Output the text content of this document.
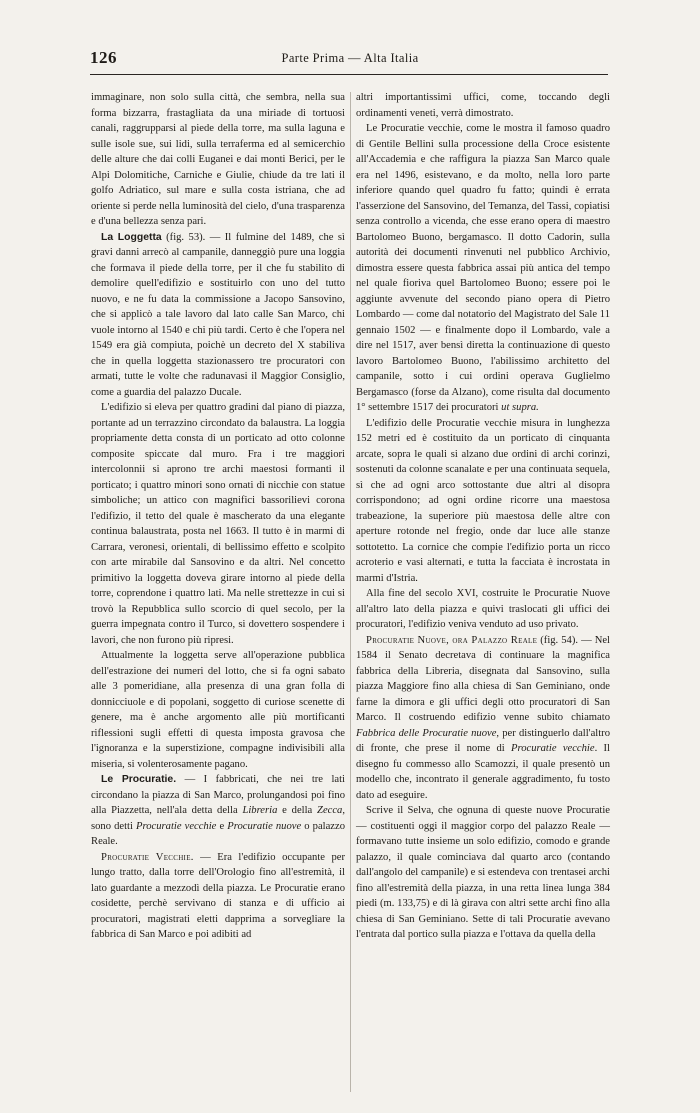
126	Parte Prima — Alta Italia

immaginare, non solo sulla città, che sembra, nella sua forma bizzarra, frastagliata da una miriade di tortuosi canali, raggrupparsi al piede della torre, ma sulla laguna e sulle isole sue, sui lidi, sulla terraferma ed al semicerchio delle alture che dai colli Euganei e dai monti Berici, per le Alpi Dolomitiche, Carniche e Giulie, chiude da tre lati il golfo Adriatico, sul mare e sulla costa istriana, che ad oriente si perde nella luminosità del cielo, d'una trasparenza e d'una bellezza senza pari.

La Loggetta (fig. 53). — Il fulmine del 1489, che sì gravi danni arrecò al campanile, danneggiò pure una loggia che formava il piede della torre, per il che fu stabilito di demolire quell'edifizio e sostituirlo con uno del tutto nuovo, e ne fu data la commissione a Jacopo Sansovino, che si applicò a tale lavoro dal lato calle San Marco, chi vuole intorno al 1540 e chi più tardi. Certo è che l'opera nel 1549 era già compiuta, poichè un decreto del X stabiliva che in quella loggetta stazionassero tre procuratori con armati, tutte le volte che radunavasi il Maggior Consiglio, come a guardia del palazzo Ducale.

L'edifizio si eleva per quattro gradini dal piano di piazza, portante ad un terrazzino circondato da balaustra. La loggia propriamente detta consta di un porticato ad otto colonne composite spiccate dal muro. Fra i tre maggiori intercolonnii si aprono tre archi maestosi formanti il porticato; i quattro minori sono ornati di nicchie con statue simboliche; un attico con magnifici bassorilievi corona l'edifizio, il tetto del quale è mascherato da una elegante continua balaustrata, posta nel 1663. Il tutto è in marmi di Carrara, veronesi, orientali, di bellissimo effetto e scolpito con arte mirabile dal Sansovino e da altri. Nel concetto primitivo la loggetta doveva girare intorno al piede della torre, coprendone i quattro lati. Ma nelle strettezze in cui si trovò la Repubblica sullo scorcio di quel secolo, per la guerra impegnata contro il Turco, si dovettero sospendere i lavori, che non furono più ripresi.

Attualmente la loggetta serve all'operazione pubblica dell'estrazione dei numeri del lotto, che si fa ogni sabato alle 3 pomeridiane, alla presenza di una gran folla di donnicciuole e di popolani, soggetto di curiose scenette di genere, ma è anche argomento alle più mortificanti riflessioni sugli effetti di questa imposta gravosa che l'ignoranza e la superstizione, compagne indivisibili alla miseria, si volenterosamente pagano.

Le Procuratie. — I fabbricati, che nei tre lati circondano la piazza di San Marco, prolungandosi poi fino alla Piazzetta, nell'ala detta della Libreria e della Zecca, sono detti Procuratie vecchie e Procuratie nuove o palazzo Reale.

Procuratie Vecchie. — Era l'edifizio occupante per lungo tratto, dalla torre dell'Orologio fino all'estremità, il lato guardante a mezzodì della piazza. Le Procuratie erano cosidette, perchè servivano di stanza e di ufficio ai procuratori, magistrati eletti dapprima a sorvegliare la fabbrica di San Marco e poi adibiti ad

altri importantissimi uffici, come, toccando degli ordinamenti veneti, verrà dimostrato.

Le Procuratie vecchie, come le mostra il famoso quadro di Gentile Bellini sulla processione della Croce esistente all'Accademia e che raffigura la piazza San Marco quale era nel 1496, esistevano, e da molto, nella loro parte inferiore quando quel quadro fu fatto; quindi è errata l'asserzione del Sansovino, del Temanza, del Tassi, copiatisi senza controllo a vicenda, che esse erano opera di maestro Bartolomeo Buono, bergamasco. Il dotto Cadorin, sulla autorità dei documenti rinvenuti nel pubblico Archivio, dimostra essere questa fabbrica assai più antica del tempo nel quale fioriva quel Bartolomeo Buono; essere poi le aggiunte avvenute del secondo piano opera di Pietro Lombardo — come dal notatorio del Magistrato del Sale 11 gennaio 1502 — e finalmente dopo il Lombardo, vale a dire nel 1517, aver bensì diretta la continuazione di questo lavoro Bartolomeo Buono, l'abilissimo architetto del campanile, sotto i cui ordini operava Guglielmo Bergamasco (forse da Alzano), come risulta dal documento 1° settembre 1517 dei procuratori ut supra.

L'edifizio delle Procuratie vecchie misura in lunghezza 152 metri ed è costituito da un porticato di cinquanta arcate, sopra le quali si alzano due ordini di archi corinzi, sostenuti da colonne scanalate e per una continuata sequela, sì che ad ogni arco sottostante due altri al disopra corrispondono; ad ogni ordine ricorre una maestosa trabeazione, la superiore più maestosa delle altre con aperture rotonde nel fregio, onde dar luce alle stanze sottotetto. La cornice che compie l'edifizio porta un ricco acroterio e vasi alternati, e tutta la facciata è incrostata in marmi d'Istria.

Alla fine del secolo XVI, costruite le Procuratie Nuove all'altro lato della piazza e quivi traslocati gli uffici dei procuratori, l'edifizio veniva venduto ad uso privato.

Procuratie Nuove, ora Palazzo Reale (fig. 54). — Nel 1584 il Senato decretava di continuare la magnifica fabbrica della Libreria, disegnata dal Sansovino, sulla piazza Maggiore fino alla chiesa di San Geminiano, onde farne la dimora e gli uffici degli otto procuratori di San Marco. Il costruendo edifizio venne subito chiamato Fabbrica delle Procuratie nuove, per distinguerlo dall'altro di fronte, che prese il nome di Procuratie vecchie. Il disegno fu commesso allo Scamozzi, il quale presentò un modello che, incontrato il generale aggradimento, fu tosto dato ad eseguire.

Scrive il Selva, che ognuna di queste nuove Procuratie — costituenti oggi il maggior corpo del palazzo Reale — formavano tutte insieme un solo edifizio, comodo e grande palazzo, il quale cominciava dal quarto arco (contando dall'angolo del campanile) e si estendeva con trentasei archi fino all'estremità della piazza, in una retta linea lunga 384 piedi (m. 133,75) e di là girava con altri sette archi fino alla chiesa di San Geminiano. Sette di tali Procuratie avevano l'entrata dal portico sulla piazza e l'ottava da quella della
